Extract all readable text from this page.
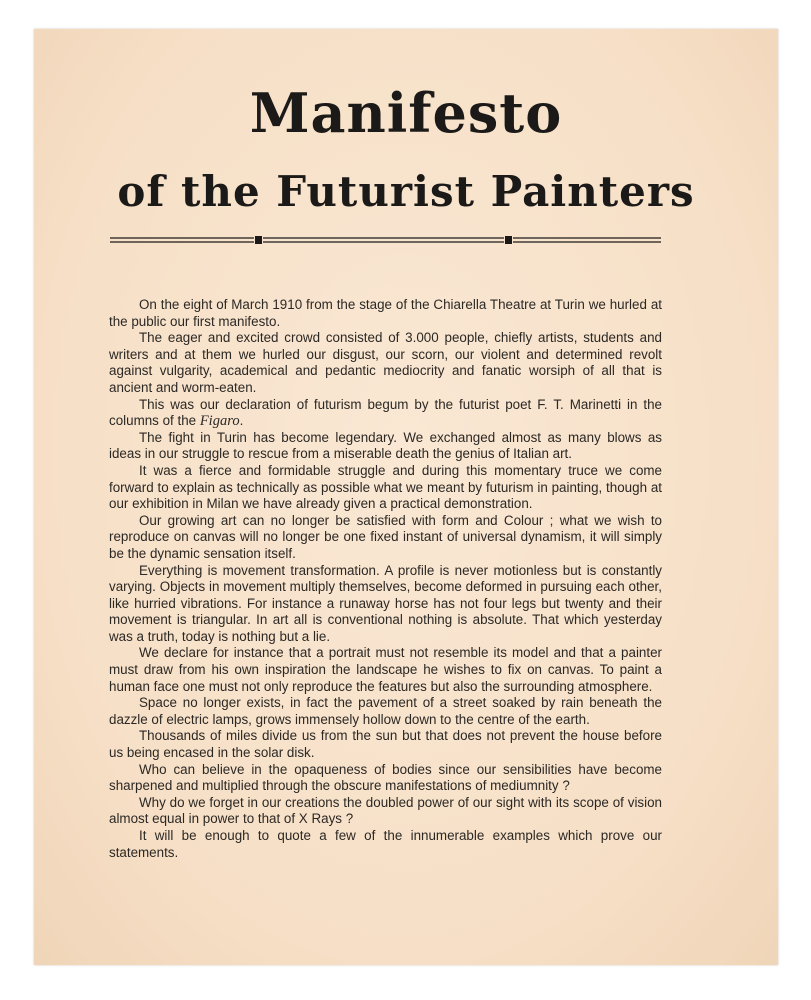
Manifesto
of the Futurist Painters

On the eight of March 1910 from the stage of the Chiarella Theatre at Turin we hurled at the public our first manifesto.

The eager and excited crowd consisted of 3.000 people, chiefly artists, students and writers and at them we hurled our disgust, our scorn, our violent and determined revolt against vulgarity, academical and pedantic mediocrity and fanatic worsiph of all that is ancient and worm-eaten.

This was our declaration of futurism begum by the futurist poet F. T. Marinetti in the columns of the Figaro.

The fight in Turin has become legendary. We exchanged almost as many blows as ideas in our struggle to rescue from a miserable death the genius of Italian art.

It was a fierce and formidable struggle and during this momentary truce we come forward to explain as technically as possible what we meant by futurism in painting, though at our exhibition in Milan we have already given a practical demonstration.

Our growing art can no longer be satisfied with form and Colour ; what we wish to reproduce on canvas will no longer be one fixed instant of universal dynamism, it will simply be the dynamic sensation itself.

Everything is movement transformation. A profile is never motionless but is constantly varying. Objects in movement multiply themselves, become deformed in pursuing each other, like hurried vibrations. For instance a runaway horse has not four legs but twenty and their movement is triangular. In art all is conventional nothing is absolute. That which yesterday was a truth, today is nothing but a lie.

We declare for instance that a portrait must not resemble its model and that a painter must draw from his own inspiration the landscape he wishes to fix on canvas. To paint a human face one must not only reproduce the features but also the surrounding atmosphere.

Space no longer exists, in fact the pavement of a street soaked by rain beneath the dazzle of electric lamps, grows immensely hollow down to the centre of the earth.

Thousands of miles divide us from the sun but that does not prevent the house before us being encased in the solar disk.

Who can believe in the opaqueness of bodies since our sensibilities have become sharpened and multiplied through the obscure manifestations of mediumnity ?

Why do we forget in our creations the doubled power of our sight with its scope of vision almost equal in power to that of X Rays ?

It will be enough to quote a few of the innumerable examples which prove our statements.
